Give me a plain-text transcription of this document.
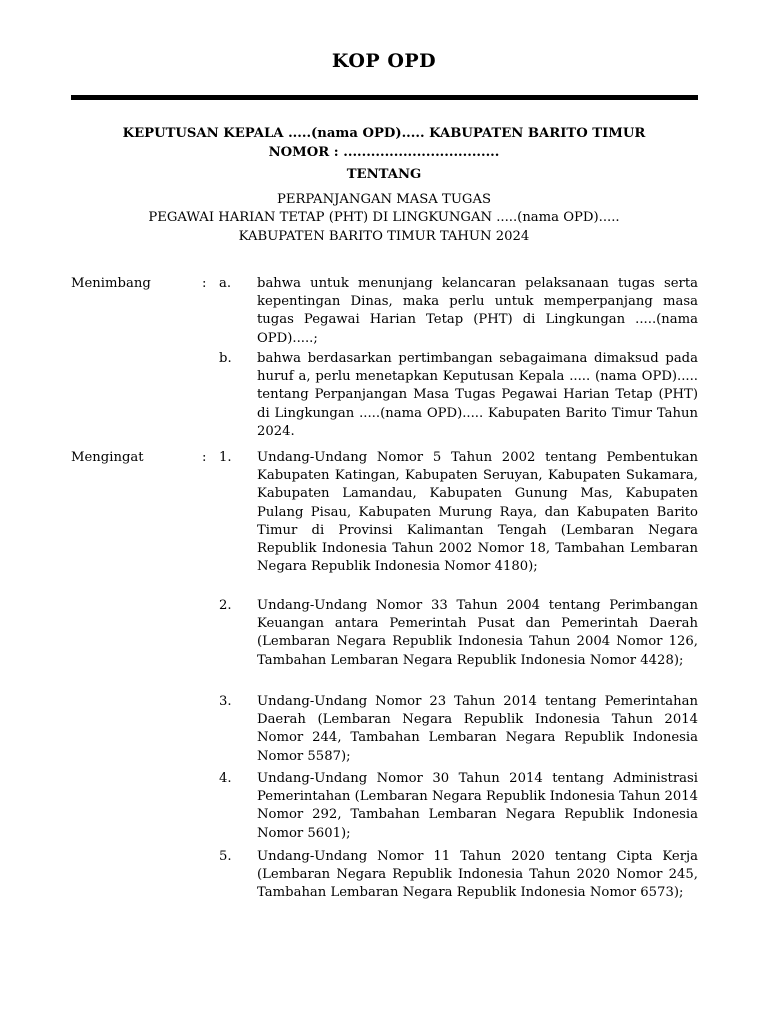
KOP OPD
KEPUTUSAN KEPALA .....(nama OPD)..... KABUPATEN BARITO TIMUR
NOMOR : ..................................
TENTANG
PERPANJANGAN MASA TUGAS
PEGAWAI HARIAN TETAP (PHT) DI LINGKUNGAN .....(nama OPD).....
KABUPATEN BARITO TIMUR TAHUN 2024
Menimbang	: a. bahwa untuk menunjang kelancaran pelaksanaan tugas serta kepentingan Dinas, maka perlu untuk memperpanjang masa tugas Pegawai Harian Tetap (PHT) di Lingkungan .....(nama OPD).....;
b. bahwa berdasarkan pertimbangan sebagaimana dimaksud pada huruf a, perlu menetapkan Keputusan Kepala ..... (nama OPD)..... tentang Perpanjangan Masa Tugas Pegawai Harian Tetap (PHT) di Lingkungan .....(nama OPD)..... Kabupaten Barito Timur Tahun 2024.
Mengingat	: 1. Undang-Undang Nomor 5 Tahun 2002 tentang Pembentukan Kabupaten Katingan, Kabupaten Seruyan, Kabupaten Sukamara, Kabupaten Lamandau, Kabupaten Gunung Mas, Kabupaten Pulang Pisau, Kabupaten Murung Raya, dan Kabupaten Barito Timur di Provinsi Kalimantan Tengah (Lembaran Negara Republik Indonesia Tahun 2002 Nomor 18, Tambahan Lembaran Negara Republik Indonesia Nomor 4180);
2. Undang-Undang Nomor 33 Tahun 2004 tentang Perimbangan Keuangan antara Pemerintah Pusat dan Pemerintah Daerah (Lembaran Negara Republik Indonesia Tahun 2004 Nomor 126, Tambahan Lembaran Negara Republik Indonesia Nomor 4428);
3. Undang-Undang Nomor 23 Tahun 2014 tentang Pemerintahan Daerah (Lembaran Negara Republik Indonesia Tahun 2014 Nomor 244, Tambahan Lembaran Negara Republik Indonesia Nomor 5587);
4. Undang-Undang Nomor 30 Tahun 2014 tentang Administrasi Pemerintahan (Lembaran Negara Republik Indonesia Tahun 2014 Nomor 292, Tambahan Lembaran Negara Republik Indonesia Nomor 5601);
5. Undang-Undang Nomor 11 Tahun 2020 tentang Cipta Kerja (Lembaran Negara Republik Indonesia Tahun 2020 Nomor 245, Tambahan Lembaran Negara Republik Indonesia Nomor 6573);
